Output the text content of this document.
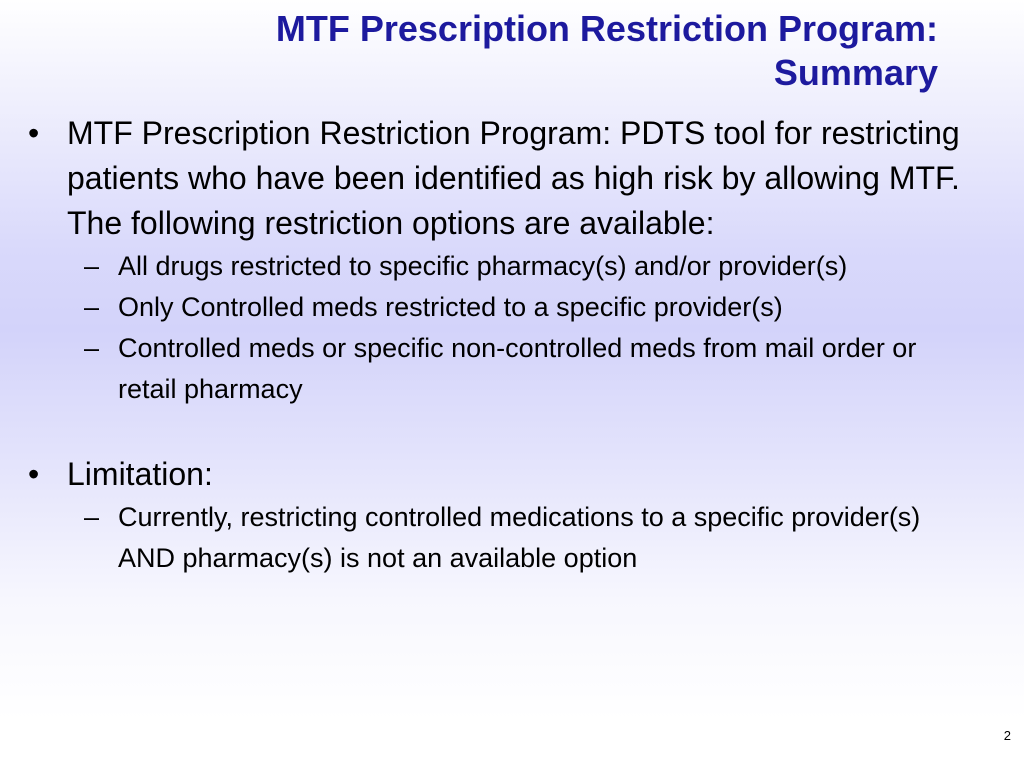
MTF Prescription Restriction Program:
Summary
• MTF Prescription Restriction Program: PDTS tool for restricting patients who have been identified as high risk by allowing MTF. The following restriction options are available:
– All drugs restricted to specific pharmacy(s) and/or provider(s)
– Only Controlled meds restricted to a specific provider(s)
– Controlled meds or specific non-controlled meds from mail order or retail pharmacy
• Limitation:
– Currently, restricting controlled medications to a specific provider(s) AND pharmacy(s) is not an available option
2
